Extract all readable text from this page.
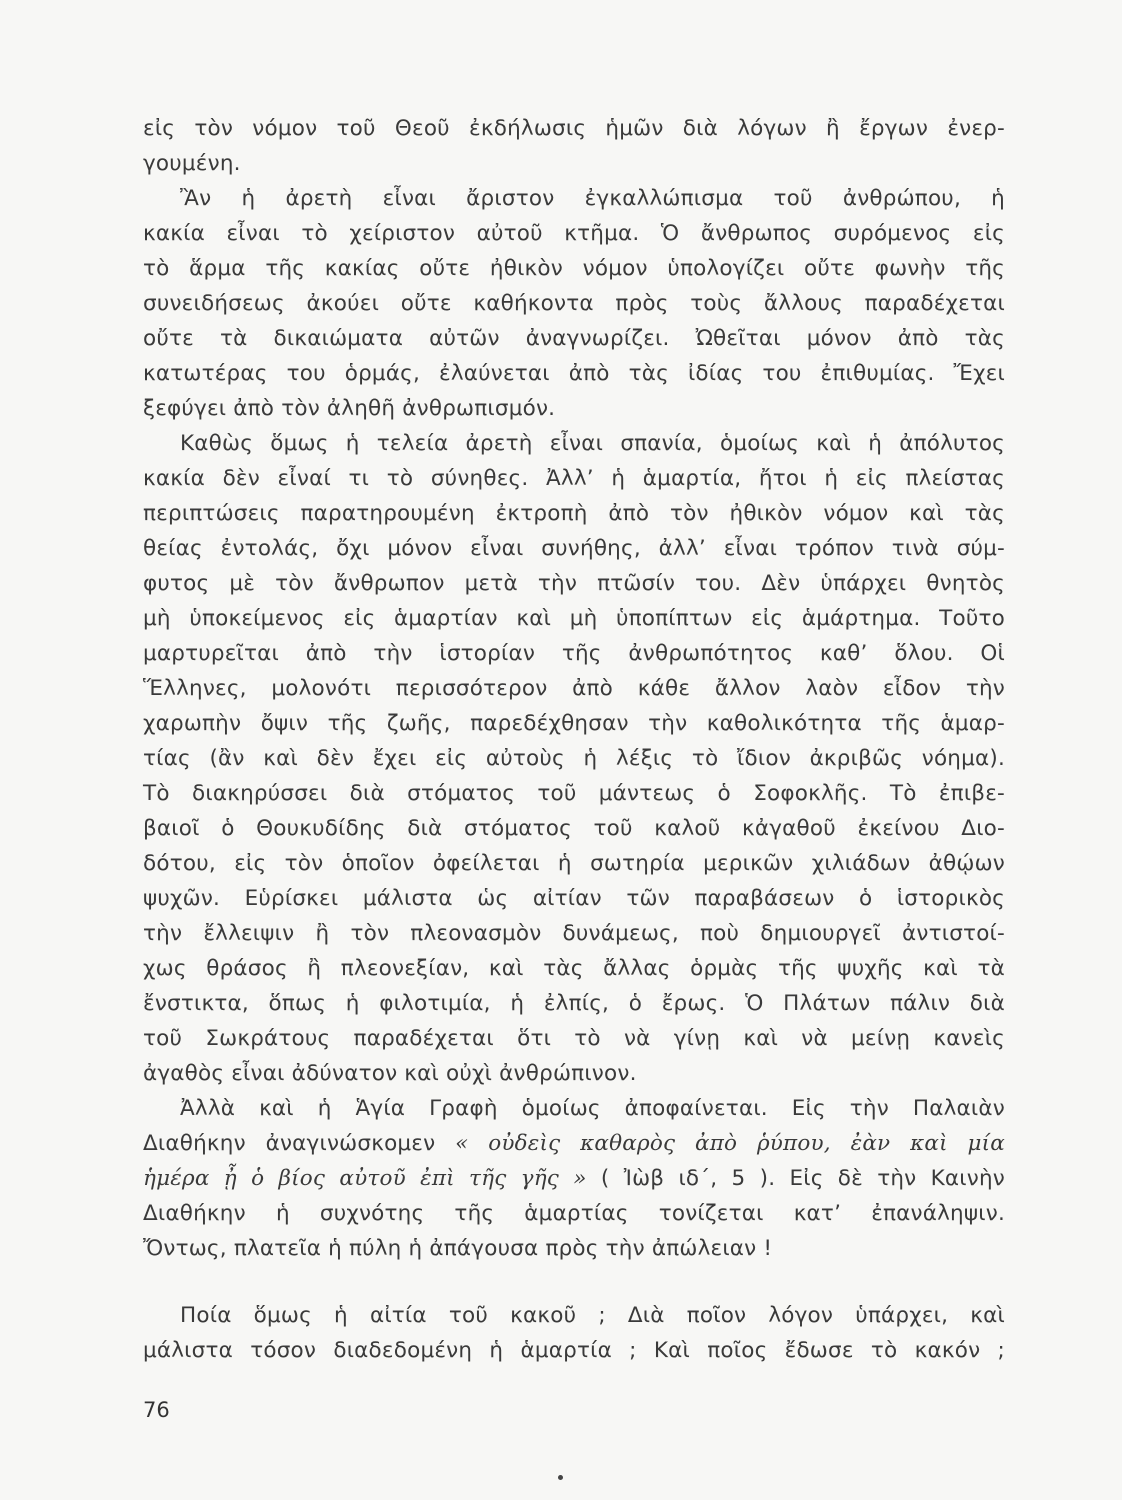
εἰς τὸν νόμον τοῦ Θεοῦ ἐκδήλωσις ἡμῶν διὰ λόγων ἢ ἔργων ἐνερ-
γουμένη.
Ἂν ἡ ἀρετὴ εἶναι ἄριστον ἐγκαλλώπισμα τοῦ ἀνθρώπου, ἡ
κακία εἶναι τὸ χείριστον αὐτοῦ κτῆμα. Ὁ ἄνθρωπος συρόμενος εἰς
τὸ ἅρμα τῆς κακίας οὔτε ἠθικὸν νόμον ὑπολογίζει οὔτε φωνὴν τῆς
συνειδήσεως ἀκούει οὔτε καθήκοντα πρὸς τοὺς ἄλλους παραδέχεται
οὔτε τὰ δικαιώματα αὐτῶν ἀναγνωρίζει. Ὠθεῖται μόνον ἀπὸ τὰς
κατωτέρας του ὁρμάς, ἐλαύνεται ἀπὸ τὰς ἰδίας του ἐπιθυμίας. Ἔχει
ξεφύγει ἀπὸ τὸν ἀληθῆ ἀνθρωπισμόν.
Καθὼς ὅμως ἡ τελεία ἀρετὴ εἶναι σπανία, ὁμοίως καὶ ἡ ἀπόλυτος
κακία δὲν εἶναί τι τὸ σύνηθες. Ἀλλ’ ἡ ἁμαρτία, ἤτοι ἡ εἰς πλείστας
περιπτώσεις παρατηρουμένη ἐκτροπὴ ἀπὸ τὸν ἠθικὸν νόμον καὶ τὰς
θείας ἐντολάς, ὄχι μόνον εἶναι συνήθης, ἀλλ’ εἶναι τρόπον τινὰ σύμ-
φυτος μὲ τὸν ἄνθρωπον μετὰ τὴν πτῶσίν του. Δὲν ὑπάρχει θνητὸς
μὴ ὑποκείμενος εἰς ἁμαρτίαν καὶ μὴ ὑποπίπτων εἰς ἁμάρτημα. Τοῦτο
μαρτυρεῖται ἀπὸ τὴν ἱστορίαν τῆς ἀνθρωπότητος καθ’ ὅλου. Οἱ
Ἕλληνες, μολονότι περισσότερον ἀπὸ κάθε ἄλλον λαὸν εἶδον τὴν
χαρωπὴν ὄψιν τῆς ζωῆς, παρεδέχθησαν τὴν καθολικότητα τῆς ἁμαρ-
τίας (ἂν καὶ δὲν ἔχει εἰς αὐτοὺς ἡ λέξις τὸ ἴδιον ἀκριβῶς νόημα).
Τὸ διακηρύσσει διὰ στόματος τοῦ μάντεως ὁ Σοφοκλῆς. Τὸ ἐπιβε-
βαιοῖ ὁ Θουκυδίδης διὰ στόματος τοῦ καλοῦ κἀγαθοῦ ἐκείνου Διο-
δότου, εἰς τὸν ὁποῖον ὀφείλεται ἡ σωτηρία μερικῶν χιλιάδων ἀθῴων
ψυχῶν. Εὑρίσκει μάλιστα ὡς αἰτίαν τῶν παραβάσεων ὁ ἱστορικὸς
τὴν ἔλλειψιν ἢ τὸν πλεονασμὸν δυνάμεως, ποὺ δημιουργεῖ ἀντιστοί-
χως θράσος ἢ πλεονεξίαν, καὶ τὰς ἄλλας ὁρμὰς τῆς ψυχῆς καὶ τὰ
ἔνστικτα, ὅπως ἡ φιλοτιμία, ἡ ἐλπίς, ὁ ἔρως. Ὁ Πλάτων πάλιν διὰ
τοῦ Σωκράτους παραδέχεται ὅτι τὸ νὰ γίνῃ καὶ νὰ μείνῃ κανεὶς
ἀγαθὸς εἶναι ἀδύνατον καὶ οὐχὶ ἀνθρώπινον.
Ἀλλὰ καὶ ἡ Ἁγία Γραφὴ ὁμοίως ἀποφαίνεται. Εἰς τὴν Παλαιὰν
Διαθήκην ἀναγινώσκομεν « οὐδεὶς καθαρὸς ἀπὸ ῥύπου, ἐὰν καὶ μία
ἡμέρα ᾖ ὁ βίος αὐτοῦ ἐπὶ τῆς γῆς » ( Ἰὼβ ιδ΄, 5 ). Εἰς δὲ τὴν Καινὴν
Διαθήκην ἡ συχνότης τῆς ἁμαρτίας τονίζεται κατ’ ἐπανάληψιν.
Ὄντως, πλατεῖα ἡ πύλη ἡ ἀπάγουσα πρὸς τὴν ἀπώλειαν !
Ποία ὅμως ἡ αἰτία τοῦ κακοῦ ; Διὰ ποῖον λόγον ὑπάρχει, καὶ
μάλιστα τόσον διαδεδομένη ἡ ἁμαρτία ; Καὶ ποῖος ἔδωσε τὸ κακόν ;
76
